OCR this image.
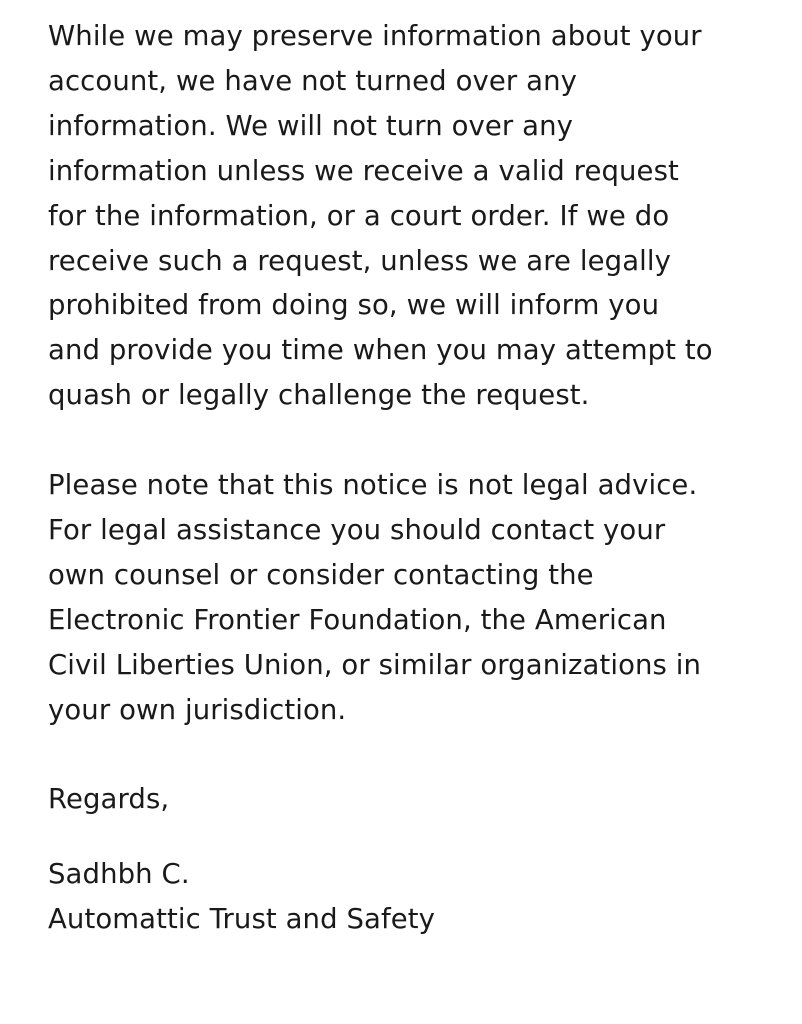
While we may preserve information about your
account, we have not turned over any
information. We will not turn over any
information unless we receive a valid request
for the information, or a court order. If we do
receive such a request, unless we are legally
prohibited from doing so, we will inform you
and provide you time when you may attempt to
quash or legally challenge the request.

Please note that this notice is not legal advice.
For legal assistance you should contact your
own counsel or consider contacting the
Electronic Frontier Foundation, the American
Civil Liberties Union, or similar organizations in
your own jurisdiction.

Regards,

Sadhbh C.
Automattic Trust and Safety
